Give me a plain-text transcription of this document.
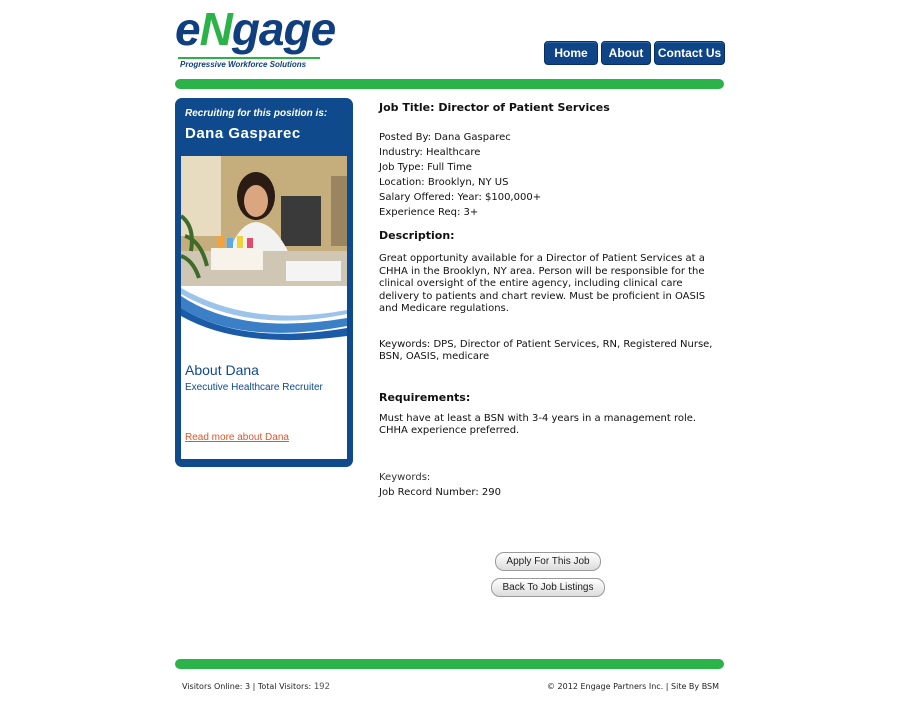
eNgage
Progressive Workforce Solutions
Home	About	Contact Us
Recruiting for this position is:
Dana Gasparec
About Dana
Executive Healthcare Recruiter
Read more about Dana
Job Title: Director of Patient Services
Posted By: Dana Gasparec
Industry: Healthcare
Job Type: Full Time
Location: Brooklyn, NY US
Salary Offered: Year: $100,000+
Experience Req: 3+
Description:

Great opportunity available for a Director of Patient Services at a CHHA in the Brooklyn, NY area. Person will be responsible for the clinical oversight of the entire agency, including clinical care delivery to patients and chart review. Must be proficient in OASIS and Medicare regulations.

Keywords: DPS, Director of Patient Services, RN, Registered Nurse, BSN, OASIS, medicare

Requirements:

Must have at least a BSN with 3-4 years in a management role. CHHA experience preferred.

Keywords:
Job Record Number: 290
Apply For This Job
Back To Job Listings
Visitors Online: 3 | Total Visitors: 192	© 2012 Engage Partners Inc. | Site By BSM
